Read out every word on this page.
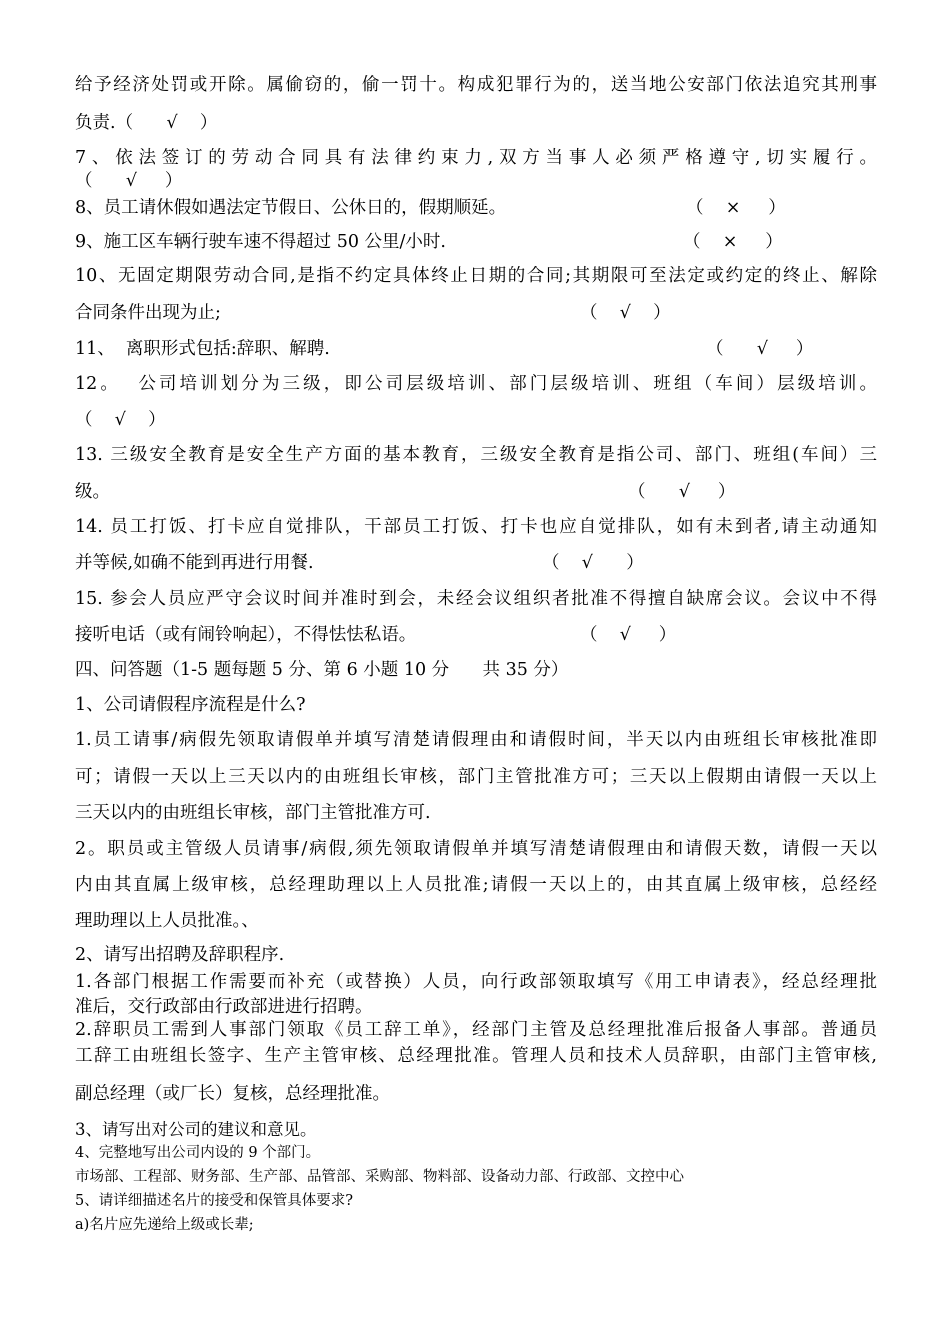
给予经济处罚或开除。属偷窃的，偷一罚十。构成犯罪行为的，送当地公安部门依法追究其刑事
负责.（      √    ）
7、依法签订的劳动合同具有法律约束力,双方当事人必须严格遵守,切实履行。
（      √     ）
8、员工请休假如遇法定节假日、公休日的，假期顺延。	（    ×     ）
9、施工区车辆行驶车速不得超过 50 公里/小时.	（    ×     ）
10、无固定期限劳动合同,是指不约定具体终止日期的合同;其期限可至法定或约定的终止、解除
合同条件出现为止;	（    √    ）
11、  离职形式包括:辞职、解聘.	（      √     ）
12。  公司培训划分为三级，即公司层级培训、部门层级培训、班组（车间）层级培训。
（    √    ）
13. 三级安全教育是安全生产方面的基本教育，三级安全教育是指公司、部门、班组(车间）三
级。	（      √     ）
14. 员工打饭、打卡应自觉排队，干部员工打饭、打卡也应自觉排队，如有未到者,请主动通知
并等候,如确不能到再进行用餐.	（    √      ）
15. 参会人员应严守会议时间并准时到会，未经会议组织者批准不得擅自缺席会议。会议中不得
接听电话（或有闹铃响起），不得怯怯私语。	（    √     ）
四、问答题（1-5 题每题 5 分、第 6 小题 10 分      共 35 分）
1、公司请假程序流程是什么?
1.员工请事/病假先领取请假单并填写清楚请假理由和请假时间，半天以内由班组长审核批准即
可；请假一天以上三天以内的由班组长审核，部门主管批准方可；三天以上假期由请假一天以上
三天以内的由班组长审核，部门主管批准方可.
2。职员或主管级人员请事/病假,须先领取请假单并填写清楚请假理由和请假天数，请假一天以
内由其直属上级审核，总经理助理以上人员批准;请假一天以上的，由其直属上级审核，总经经
理助理以上人员批准。、
2、请写出招聘及辞职程序.
1.各部门根据工作需要而补充（或替换）人员，向行政部领取填写《用工申请表》，经总经理批
准后，交行政部由行政部进进行招聘。
2.辞职员工需到人事部门领取《员工辞工单》，经部门主管及总经理批准后报备人事部。普通员
工辞工由班组长签字、生产主管审核、总经理批准。管理人员和技术人员辞职，由部门主管审核,
副总经理（或厂长）复核，总经理批准。
3、请写出对公司的建议和意见。
4、完整地写出公司内设的 9 个部门。
市场部、工程部、财务部、生产部、品管部、采购部、物料部、设备动力部、行政部、文控中心
5、请详细描述名片的接受和保管具体要求?
a)名片应先递给上级或长辈;
